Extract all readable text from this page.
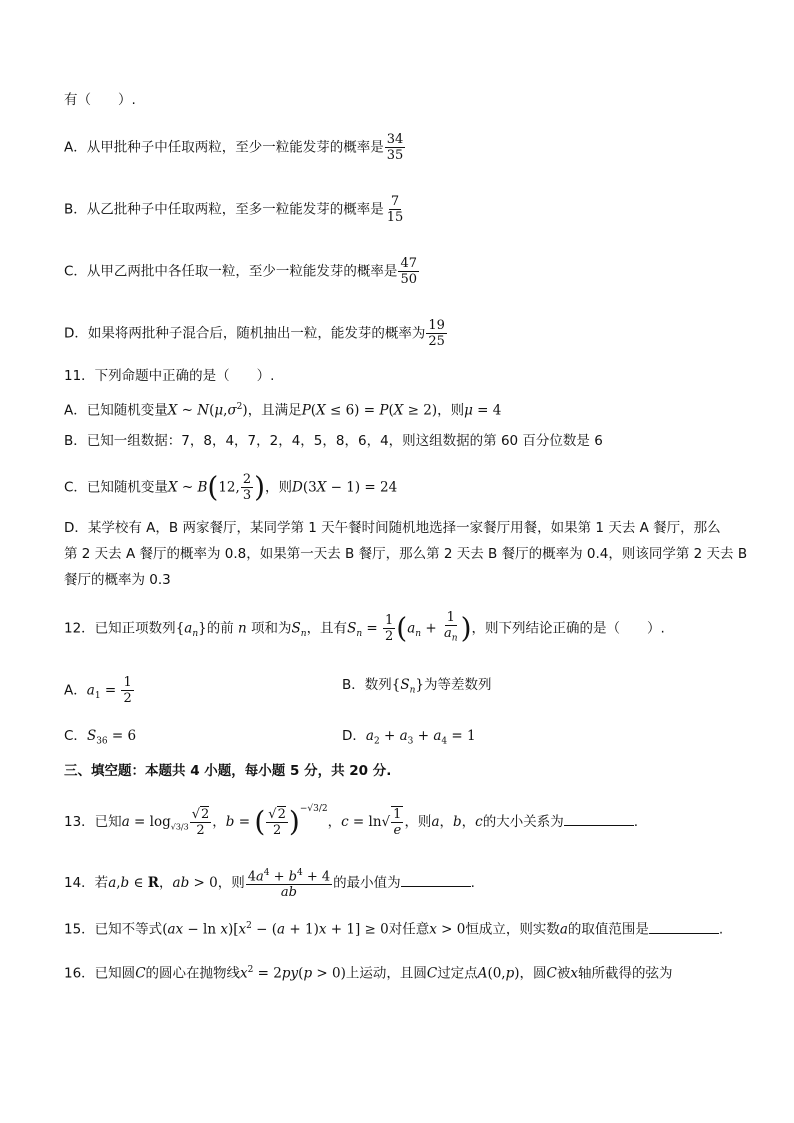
有（　　）.
A．从甲批种子中任取两粒，至少一粒能发芽的概率是 $\frac{34}{35}$
B．从乙批种子中任取两粒，至多一粒能发芽的概率是 $\frac{7}{15}$
C．从甲乙两批中各任取一粒，至少一粒能发芽的概率是 $\frac{47}{50}$
D．如果将两批种子混合后，随机抽出一粒，能发芽的概率为 $\frac{19}{25}$
11．下列命题中正确的是（　　）.
A．已知随机变量X ~ $N(\mu,\sigma^2)$，且满足P(X ≤ 6) = P(X ≥ 2)，则μ = 4
B．已知一组数据：7，8，4，7，2，4，5，8，6，4，则这组数据的第 60 百分位数是 6
C．已知随机变量X ~ B(12, $\frac{2}{3}$ )，则D(3X − 1) = 24
D．某学校有 A，B 两家餐厅，某同学第 1 天午餐时间随机地选择一家餐厅用餐，如果第 1 天去 A 餐厅，那么
第 2 天去 A 餐厅的概率为 0.8，如果第一天去 B 餐厅，那么第 2 天去 B 餐厅的概率为 0.4，则该同学第 2 天去 B
餐厅的概率为 0.3
12．已知正项数列$\{a_n\}$的前 n 项和为$S_n$，且有$S_n = \frac{1}{2} (a_n + \frac{1}{a_n}$ )，则下列结论正确的是（　　）.
A．$a_1 = \frac{1}{2}$	B．数列$\{S_n\}$为等差数列
C．$S_{36} = 6$	D．$a_2 + a_3 + a_4 = 1$
三、填空题：本题共 4 小题，每小题 5 分，共 20 分.
13．已知$a = \log_{√3/3} \frac{√2}{2}$ ，b = ( $\frac{√2}{2} )^{-√3/2}$，$c = \ln√ \frac{1}{e}$ ，则a，b，c的大小关系为	.
14．若a,b ∈ R，ab > 0，则 $\frac{4a^4 + b^4 + 4}{ab}$ 的最小值为	.
15．已知不等式$(ax - \ln x)[x^2 - (a + 1)x + 1] \ge 0$对任意x > 0恒成立，则实数a的取值范围是	.
16．已知圆C的圆心在抛物线$x^2 = 2py(p > 0)$上运动，且圆C过定点A(0,p)，圆C被x轴所截得的弦为
